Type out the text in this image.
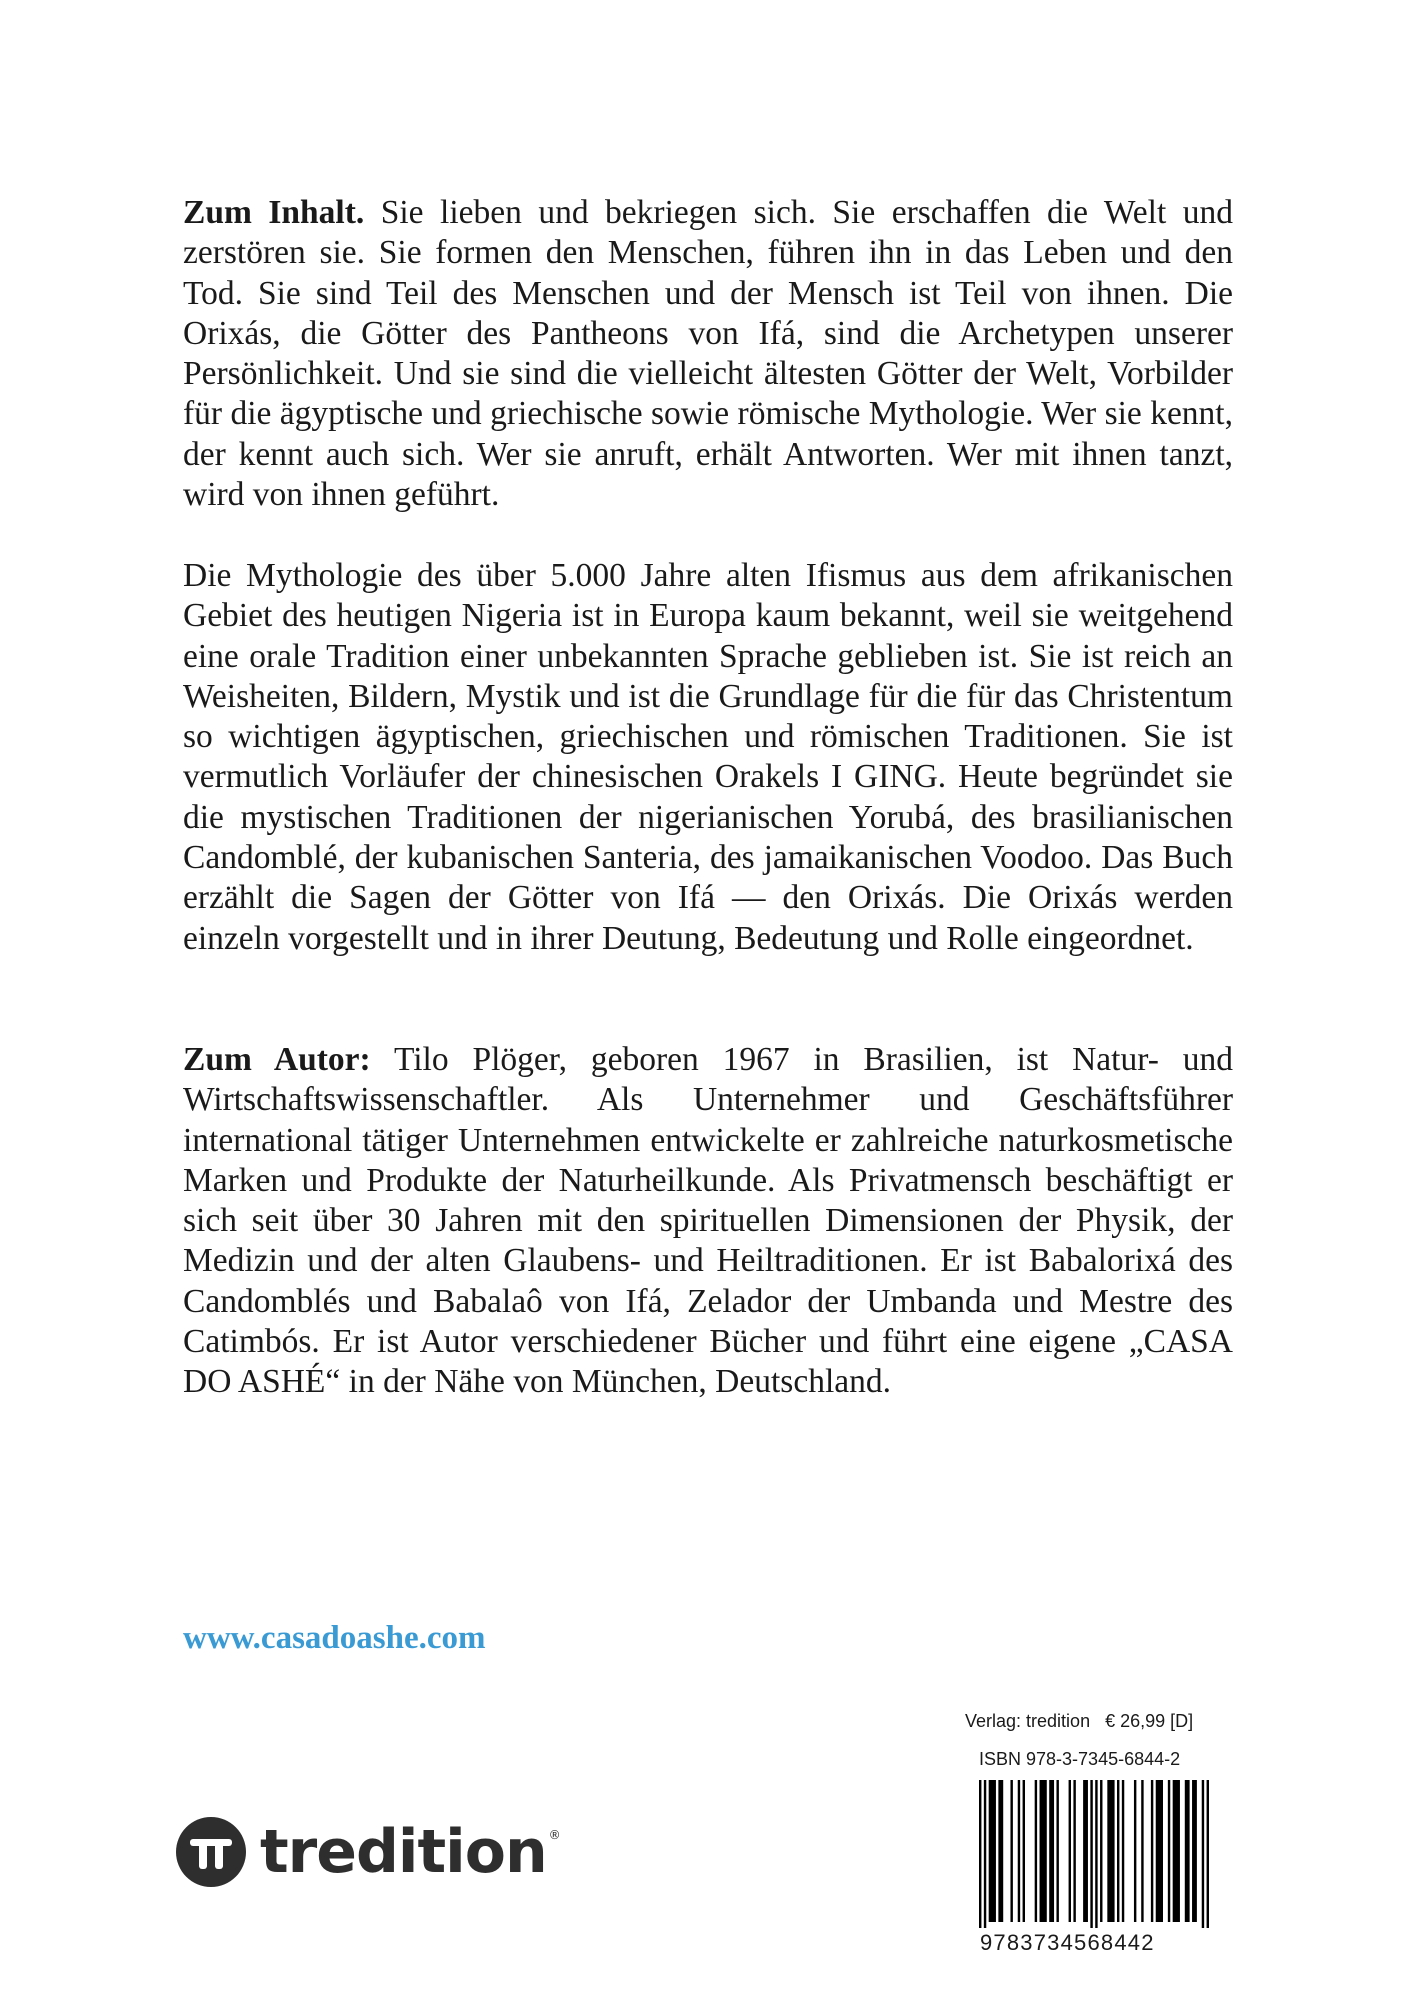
Zum Inhalt. Sie lieben und bekriegen sich. Sie erschaffen die Welt und zerstören sie. Sie formen den Menschen, führen ihn in das Leben und den Tod. Sie sind Teil des Menschen und der Mensch ist Teil von ihnen. Die Orixás, die Götter des Pantheons von Ifá, sind die Archetypen unserer Persönlichkeit. Und sie sind die vielleicht ältesten Götter der Welt, Vorbilder für die ägyptische und griechische sowie römische Mythologie. Wer sie kennt, der kennt auch sich. Wer sie anruft, erhält Antworten. Wer mit ihnen tanzt, wird von ihnen geführt.

Die Mythologie des über 5.000 Jahre alten Ifismus aus dem afrikanischen Gebiet des heutigen Nigeria ist in Europa kaum bekannt, weil sie weitgehend eine orale Tradition einer unbekannten Sprache geblieben ist. Sie ist reich an Weisheiten, Bildern, Mystik und ist die Grundlage für die für das Christentum so wichtigen ägyptischen, griechischen und römischen Traditionen. Sie ist vermutlich Vorläufer der chinesischen Orakels I GING. Heute begründet sie die mystischen Traditionen der nigerianischen Yorubá, des brasilianischen Candomblé, der kubanischen Santeria, des jamaikanischen Voodoo. Das Buch erzählt die Sagen der Götter von Ifá — den Orixás. Die Orixás werden einzeln vorgestellt und in ihrer Deutung, Bedeutung und Rolle eingeordnet.

Zum Autor: Tilo Plöger, geboren 1967 in Brasilien, ist Natur- und Wirtschaftswissenschaftler. Als Unternehmer und Geschäftsführer international tätiger Unternehmen entwickelte er zahlreiche naturkosmetische Marken und Produkte der Naturheilkunde. Als Privatmensch beschäftigt er sich seit über 30 Jahren mit den spirituellen Dimensionen der Physik, der Medizin und der alten Glaubens- und Heiltraditionen. Er ist Babalorixá des Candomblés und Babalaô von Ifá, Zelador der Umbanda und Mestre des Catimbós. Er ist Autor verschiedener Bücher und führt eine eigene „CASA DO ASHÉ“ in der Nähe von München, Deutschland.

www.casadoashe.com

tredition ®

Verlag: tredition   € 26,99 [D]

ISBN 978-3-7345-6844-2

9783734568442
